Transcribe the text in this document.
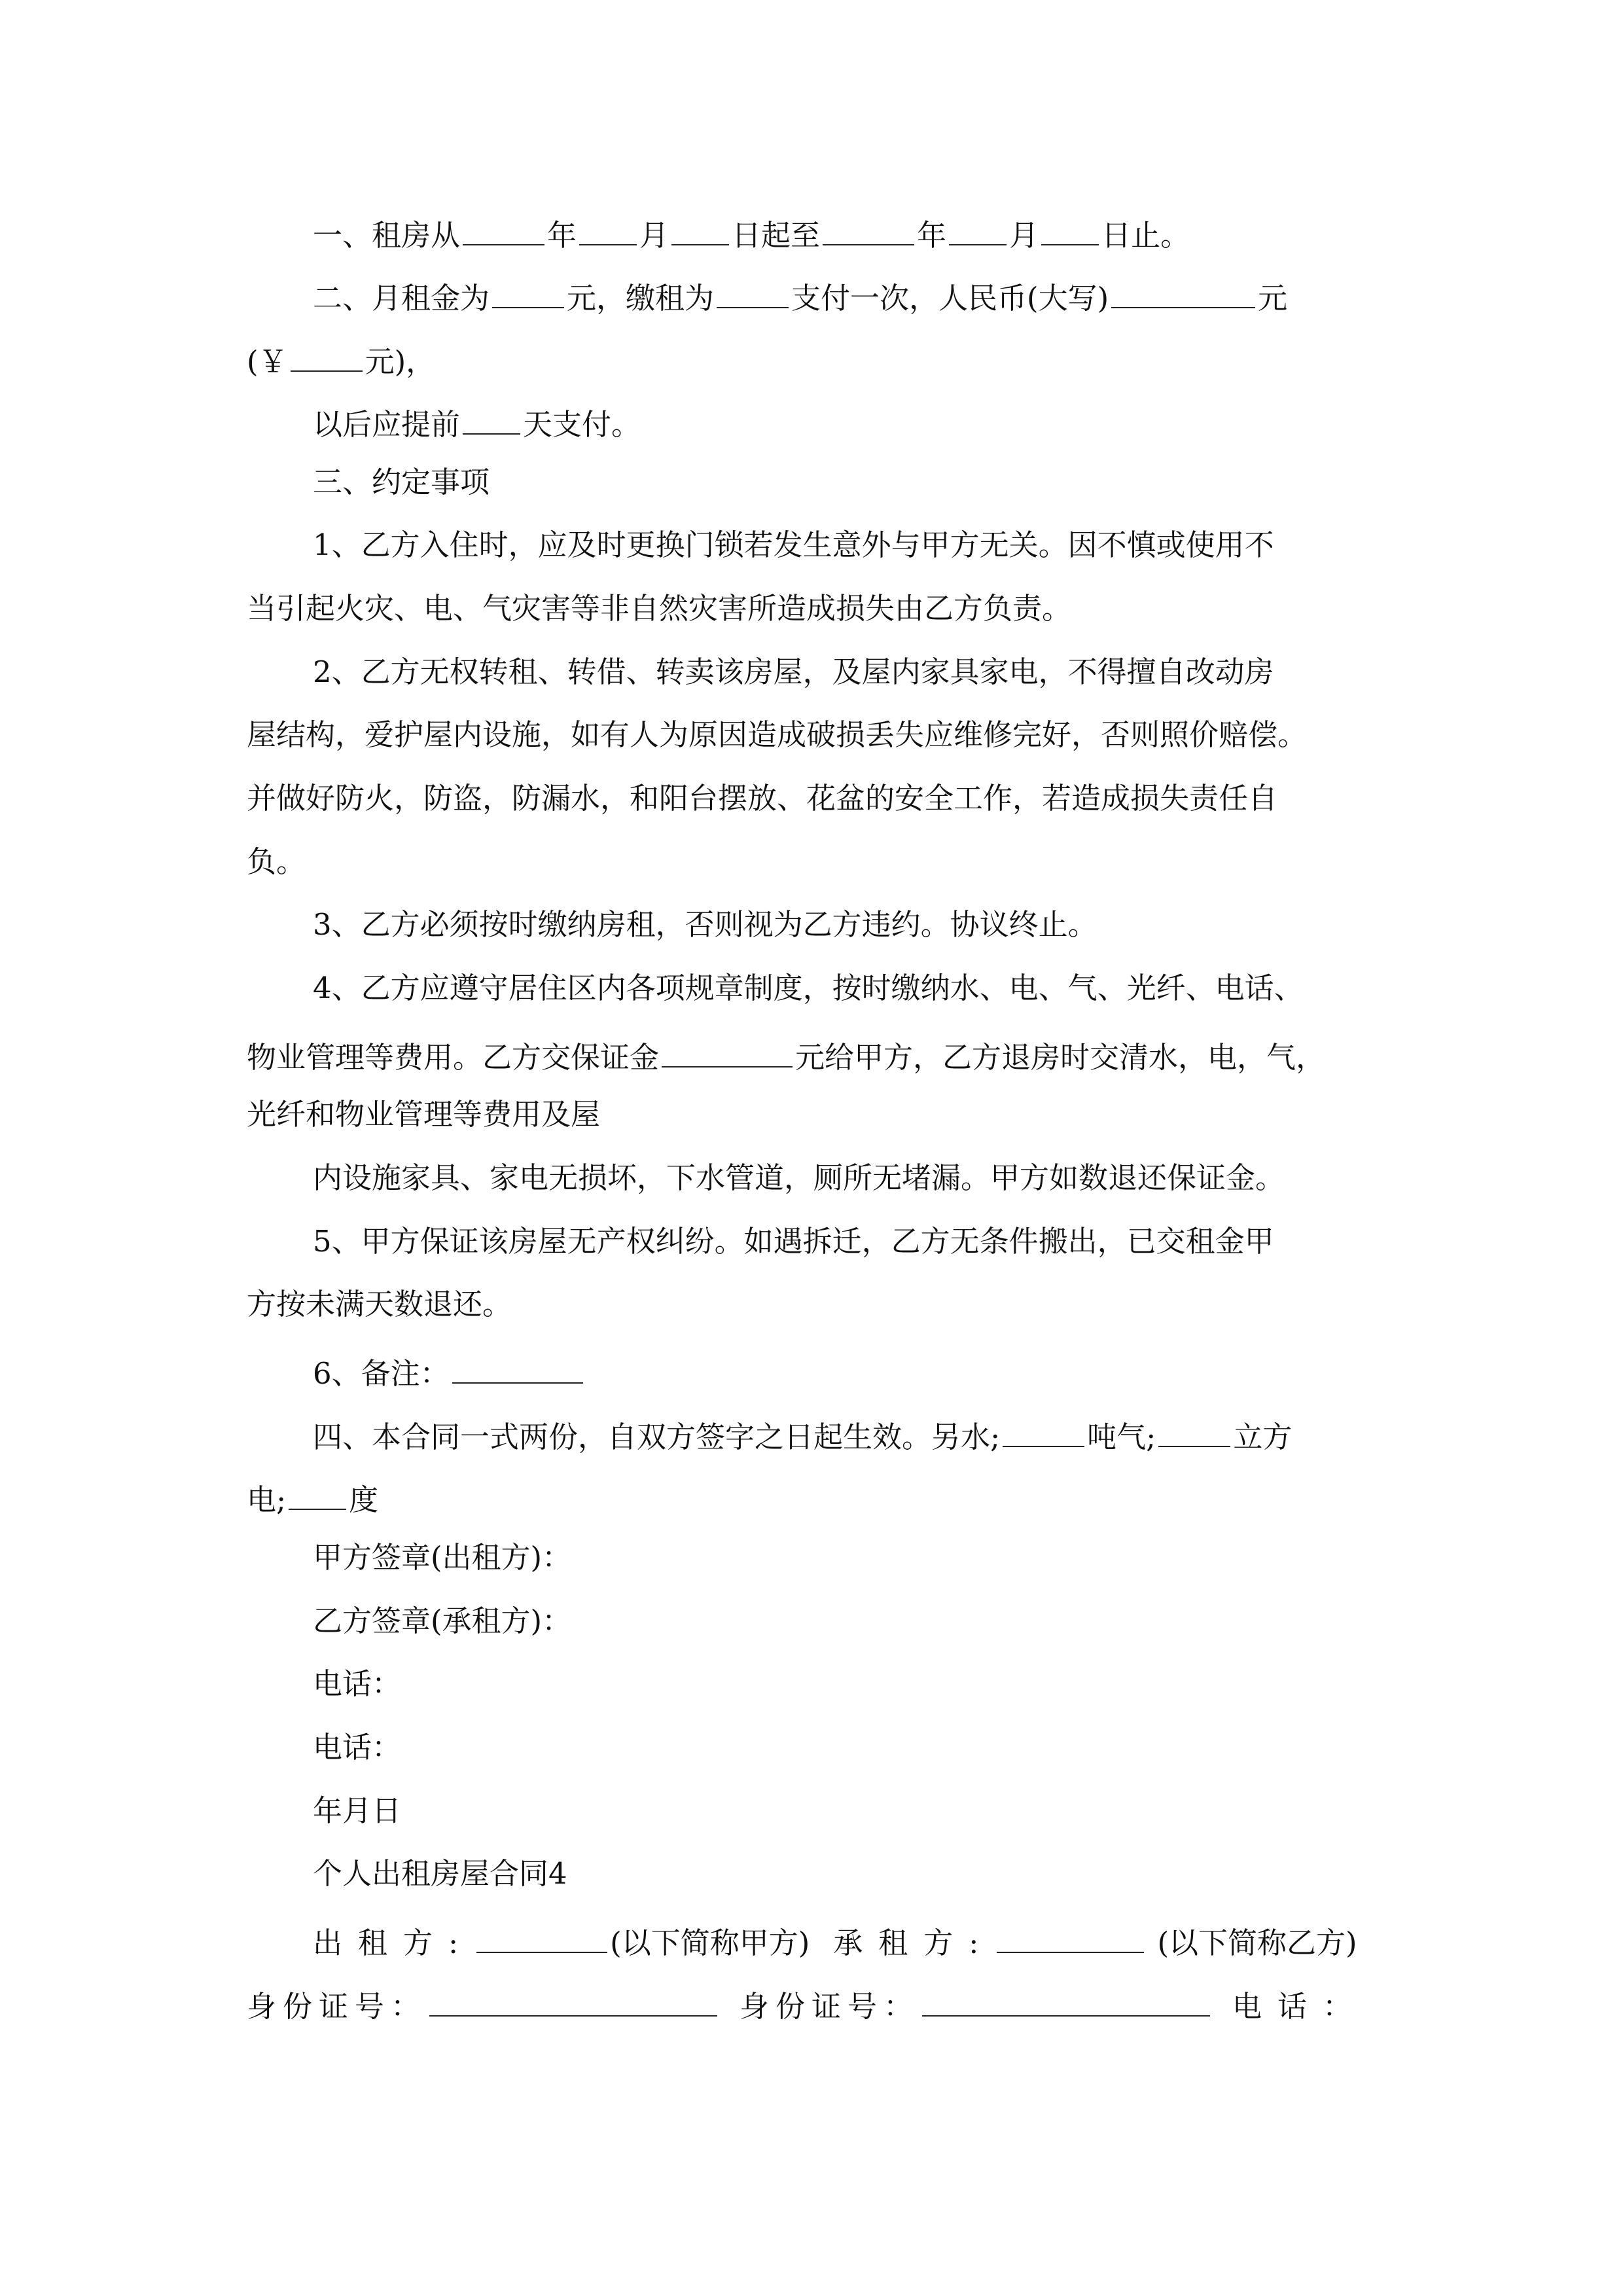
一、租房从	年 月 日起至	年 月 日止。
二、月租金为	元，缴租为	支付一次，人民币(大写)	元
(￥	元)，
以后应提前 天支付。
三、约定事项
1、乙方入住时，应及时更换门锁若发生意外与甲方无关。因不慎或使用不
当引起火灾、电、气灾害等非自然灾害所造成损失由乙方负责。
2、乙方无权转租、转借、转卖该房屋，及屋内家具家电，不得擅自改动房
屋结构，爱护屋内设施，如有人为原因造成破损丢失应维修完好，否则照价赔偿。
并做好防火，防盗，防漏水，和阳台摆放、花盆的安全工作，若造成损失责任自
负。
3、乙方必须按时缴纳房租，否则视为乙方违约。协议终止。
4、乙方应遵守居住区内各项规章制度，按时缴纳水、电、气、光纤、电话、
物业管理等费用。乙方交保证金	元给甲方，乙方退房时交清水，电，气，
光纤和物业管理等费用及屋
内设施家具、家电无损坏，下水管道，厕所无堵漏。甲方如数退还保证金。
5、甲方保证该房屋无产权纠纷。如遇拆迁，乙方无条件搬出，已交租金甲
方按未满天数退还。
6、备注：
四、本合同一式两份，自双方签字之日起生效。另水;	吨气;	立方
电; 度
甲方签章(出租方)：
乙方签章(承租方)：
电话：
电话：
年月日
个人出租房屋合同4
出租方:	(以下简称甲方) 承租方:	(以下简称乙方)
身份证号：	身份证号：	电话：
